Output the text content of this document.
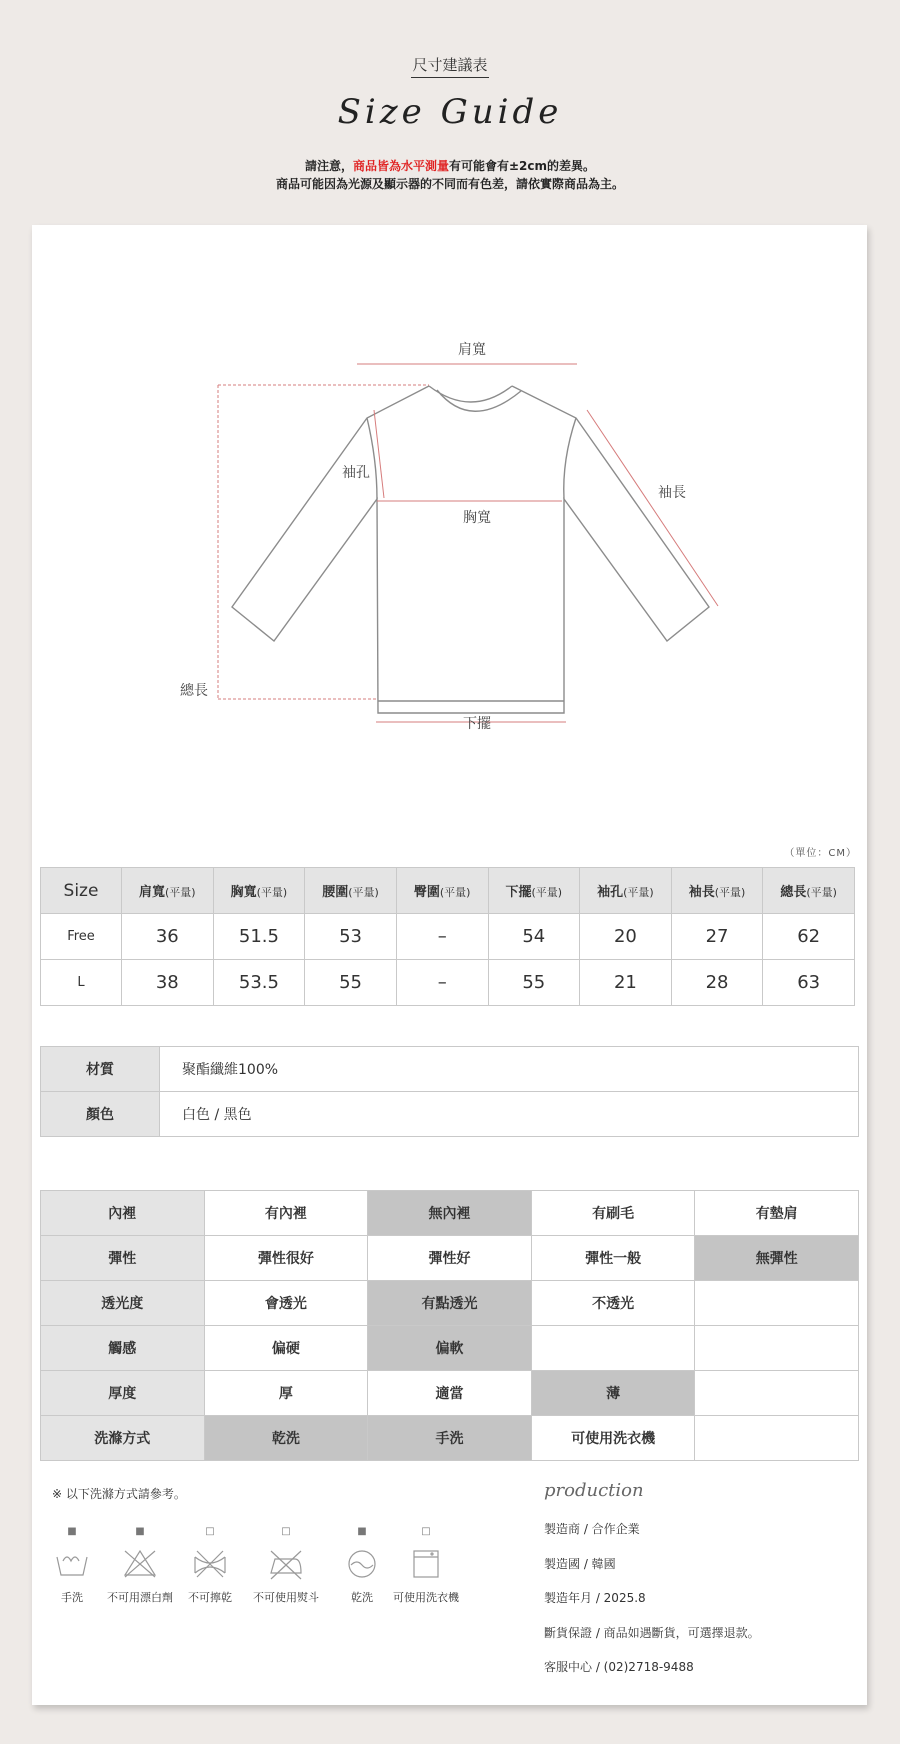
尺寸建議表
Size Guide
請注意，商品皆為水平測量有可能會有±2cm的差異。
商品可能因為光源及顯示器的不同而有色差，請依實際商品為主。
肩寬
袖孔
胸寬
袖長
總長
下擺
（單位：CM）
Size	肩寬(平量)	胸寬(平量)	腰圍(平量)	臀圍(平量)	下擺(平量)	袖孔(平量)	袖長(平量)	總長(平量)
Free	36	51.5	53	–	54	20	27	62
L	38	53.5	55	–	55	21	28	63
材質	聚酯纖維100%
顏色	白色 / 黑色
內裡	有內裡	無內裡	有刷毛	有墊肩
彈性	彈性很好	彈性好	彈性一般	無彈性
透光度	會透光	有點透光	不透光	
觸感	偏硬	偏軟		
厚度	厚	適當	薄	
洗滌方式	乾洗	手洗	可使用洗衣機	
※ 以下洗滌方式請參考。
■
手洗
■
不可用漂白劑
□
不可擰乾
□
不可使用熨斗
■
乾洗
□
可使用洗衣機
production
製造商 / 合作企業
製造國 / 韓國
製造年月 / 2025.8
斷貨保證 / 商品如遇斷貨，可選擇退款。
客服中心 / (02)2718-9488
